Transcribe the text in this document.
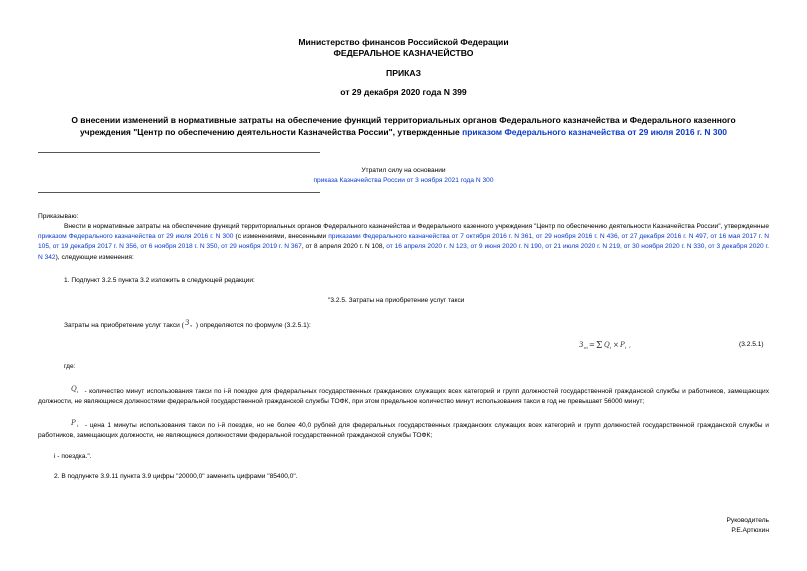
Министерство финансов Российской Федерации
ФЕДЕРАЛЬНОЕ КАЗНАЧЕЙСТВО
ПРИКАЗ
от 29 декабря 2020 года N 399
О внесении изменений в нормативные затраты на обеспечение функций территориальных органов Федерального казначейства и Федерального казенного
учреждения "Центр по обеспечению деятельности Казначейства России", утвержденные приказом Федерального казначейства от 29 июля 2016 г. N 300
Утратил силу на основании
приказа Казначейства России от 3 ноября 2021 года N 300
Приказываю:
Внести в нормативные затраты на обеспечение функций территориальных органов Федерального казначейства и Федерального казенного учреждения "Центр по обеспечению деятельности Казначейства России", утвержденные приказом Федерального казначейства от 29 июля 2016 г. N 300 (с изменениями, внесенными приказами Федерального казначейства от 7 октября 2016 г. N 361, от 29 ноября 2016 г. N 436, от 27 декабря 2016 г. N 497, от 16 мая 2017 г. N 105, от 19 декабря 2017 г. N 356, от 6 ноября 2018 г. N 350, от 29 ноября 2019 г. N 367, от 8 апреля 2020 г. N 108, от 16 апреля 2020 г. N 123, от 9 июня 2020 г. N 190, от 21 июля 2020 г. N 219, от 30 ноября 2020 г. N 330, от 3 декабря 2020 г. N 342), следующие изменения:
1. Подпункт 3.2.5 пункта 3.2 изложить в следующей редакции:
"3.2.5. Затраты на приобретение услуг такси
Затраты на приобретение услуг такси ( З т ) определяются по формуле (3.2.5.1):
З т = Σ Q i × P i ,	(3.2.5.1)
где:
Q i - количество минут использования такси по i-й поездке для федеральных государственных гражданских служащих всех категорий и групп должностей государственной гражданской службы и работников, замещающих должности, не являющиеся должностями федеральной государственной гражданской службы ТОФК, при этом предельное количество минут использования такси в год не превышает 56000 минут;
P i - цена 1 минуты использования такси по i-й поездке, но не более 40,0 рублей для федеральных государственных гражданских служащих всех категорий и групп должностей государственной гражданской службы и работников, замещающих должности, не являющиеся должностями федеральной государственной гражданской службы ТОФК;
i - поездка.".
2. В подпункте 3.9.11 пункта 3.9 цифры "20000,0" заменить цифрами "85400,0".
Руководитель
Р.Е.Артюхин
